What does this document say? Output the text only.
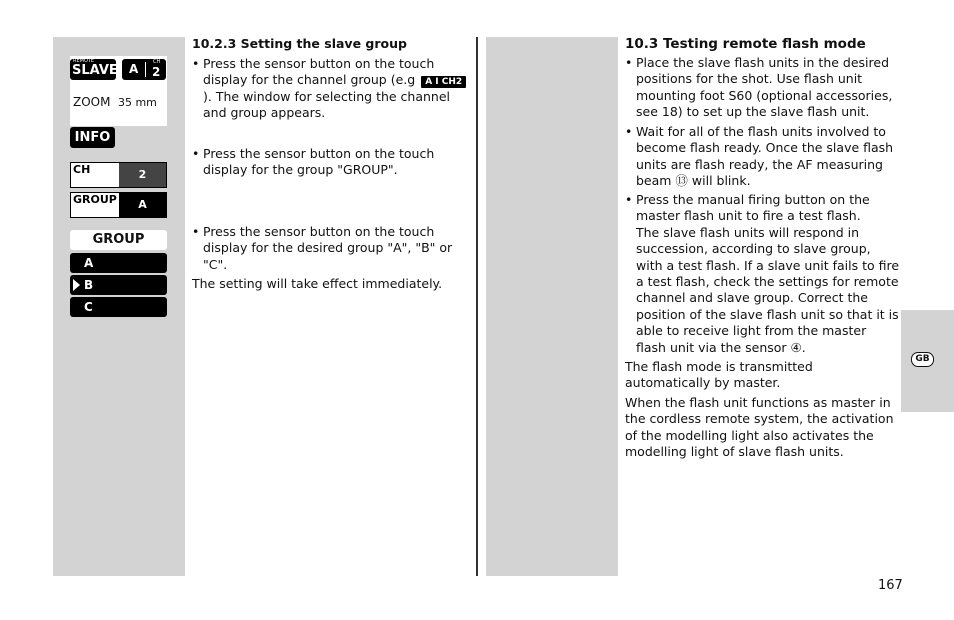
GB
REMOTE
SLAVE A	CH
2
ZOOM 35 mm
INFO
CH	2
GROUP	A
GROUP
A
B
C
10.2.3 Setting the slave group
• Press the sensor button on the touch display for the channel group (e.g A I CH2). The window for selecting the channel and group appears.

• Press the sensor button on the touch display for the group "GROUP".

• Press the sensor button on the touch display for the desired group "A", "B" or "C".

The setting will take effect immediately.
10.3 Testing remote flash mode
• Place the slave flash units in the desired positions for the shot. Use flash unit mounting foot S60 (optional accessories, see 18) to set up the slave flash unit.

• Wait for all of the flash units involved to become flash ready. Once the slave flash units are flash ready, the AF measuring beam ⑬ will blink.

• Press the manual firing button on the master flash unit to fire a test flash.

The slave flash units will respond in succession, according to slave group, with a test flash. If a slave unit fails to fire a test flash, check the settings for remote channel and slave group. Correct the position of the slave flash unit so that it is able to receive light from the master flash unit via the sensor ④.

The flash mode is transmitted automatically by master.
When the flash unit functions as master in the cordless remote system, the activation of the modelling light also activates the modelling light of slave flash units.
167
